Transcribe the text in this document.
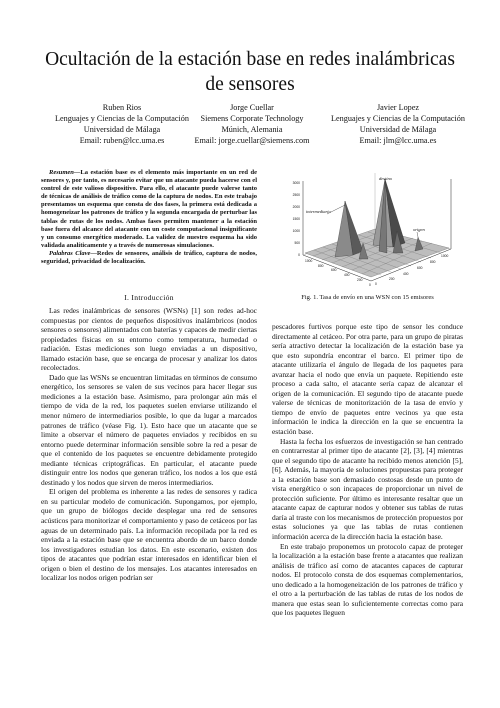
Ocultación de la estación base en redes inalámbricas de sensores
Ruben Rios
Lenguajes y Ciencias de la Computación
Universidad de Málaga
Email: ruben@lcc.uma.es
Jorge Cuellar
Siemens Corporate Technology
Múnich, Alemania
Email: jorge.cuellar@siemens.com
Javier Lopez
Lenguajes y Ciencias de la Computación
Universidad de Málaga
Email: jlm@lcc.uma.es

Resumen—La estación base es el elemento más importante en un red de sensores y, por tanto, es necesario evitar que un atacante pueda hacerse con el control de este valioso dispositivo. Para ello, el atacante puede valerse tanto de técnicas de análisis de tráfico como de la captura de nodos. En este trabajo presentamos un esquema que consta de dos fases, la primera está dedicada a homogeneizar los patrones de tráfico y la segunda encargada de perturbar las tablas de rutas de los nodos. Ambas fases permiten mantener a la estación base fuera del alcance del atacante con un coste computacional insignificante y un consumo energético moderado. La validez de nuestro esquema ha sido validada analíticamente y a través de numerosas simulaciones.

Palabras Clave—Redes de sensores, análisis de tráfico, captura de nodos, seguridad, privacidad de localización.

3000
2500
2000
1500
1000
500
0
1000
800
600
400
200
0 0
200
400
600
800
1000
destino
intermediario
origen
Fig. 1. Tasa de envío en una WSN con 15 emisores
I. Introducción

Las redes inalámbricas de sensores (WSNs) [1] son redes ad-hoc compuestas por cientos de pequeños dispositivos inalámbricos (nodos sensores o sensores) alimentados con baterías y capaces de medir ciertas propiedades físicas en su entorno como temperatura, humedad o radiación. Estas mediciones son luego enviadas a un dispositivo, llamado estación base, que se encarga de procesar y analizar los datos recolectados.

Dado que las WSNs se encuentran limitadas en términos de consumo energético, los sensores se valen de sus vecinos para hacer llegar sus mediciones a la estación base. Asimismo, para prolongar aún más el tiempo de vida de la red, los paquetes suelen enviarse utilizando el menor número de intermediarios posible, lo que da lugar a marcados patrones de tráfico (véase Fig. 1). Esto hace que un atacante que se limite a observar el número de paquetes enviados y recibidos en su entorno puede determinar información sensible sobre la red a pesar de que el contenido de los paquetes se encuentre debidamente protegido mediante técnicas criptográficas. En particular, el atacante puede distinguir entre los nodos que generan tráfico, los nodos a los que está destinado y los nodos que sirven de meros intermediarios.

El origen del problema es inherente a las redes de sensores y radica en su particular modelo de comunicación. Supongamos, por ejemplo, que un grupo de biólogos decide desplegar una red de sensores acústicos para monitorizar el comportamiento y paso de cetáceos por las aguas de un determinado país. La información recopilada por la red es enviada a la estación base que se encuentra abordo de un barco donde los investigadores estudian los datos. En este escenario, existen dos tipos de atacantes que podrían estar interesados en identificar bien el origen o bien el destino de los mensajes. Los atacantes interesados en localizar los nodos origen podrían ser

pescadores furtivos porque este tipo de sensor les conduce directamente al cetáceo. Por otra parte, para un grupo de piratas sería atractivo detectar la localización de la estación base ya que esto supondría encontrar el barco. El primer tipo de atacante utilizaría el ángulo de llegada de los paquetes para avanzar hacia el nodo que envía un paquete. Repitiendo este proceso a cada salto, el atacante sería capaz de alcanzar el origen de la comunicación. El segundo tipo de atacante puede valerse de técnicas de monitorización de la tasa de envío y tiempo de envío de paquetes entre vecinos ya que esta información le indica la dirección en la que se encuentra la estación base.

Hasta la fecha los esfuerzos de investigación se han centrado en contrarrestar al primer tipo de atacante [2], [3], [4] mientras que el segundo tipo de atacante ha recibido menos atención [5], [6]. Además, la mayoría de soluciones propuestas para proteger a la estación base son demasiado costosas desde un punto de vista energético o son incapaces de proporcionar un nivel de protección suficiente. Por último es interesante resaltar que un atacante capaz de capturar nodos y obtener sus tablas de rutas daría al traste con los mecanismos de protección propuestos por estas soluciones ya que las tablas de rutas contienen información acerca de la dirección hacia la estación base.

En este trabajo proponemos un protocolo capaz de proteger la localización a la estación base frente a atacantes que realizan análisis de tráfico así como de atacantes capaces de capturar nodos. El protocolo consta de dos esquemas complementarios, uno dedicado a la homogeneización de los patrones de tráfico y el otro a la perturbación de las tablas de rutas de los nodos de manera que estas sean lo suficientemente correctas como para que los paquetes lleguen
